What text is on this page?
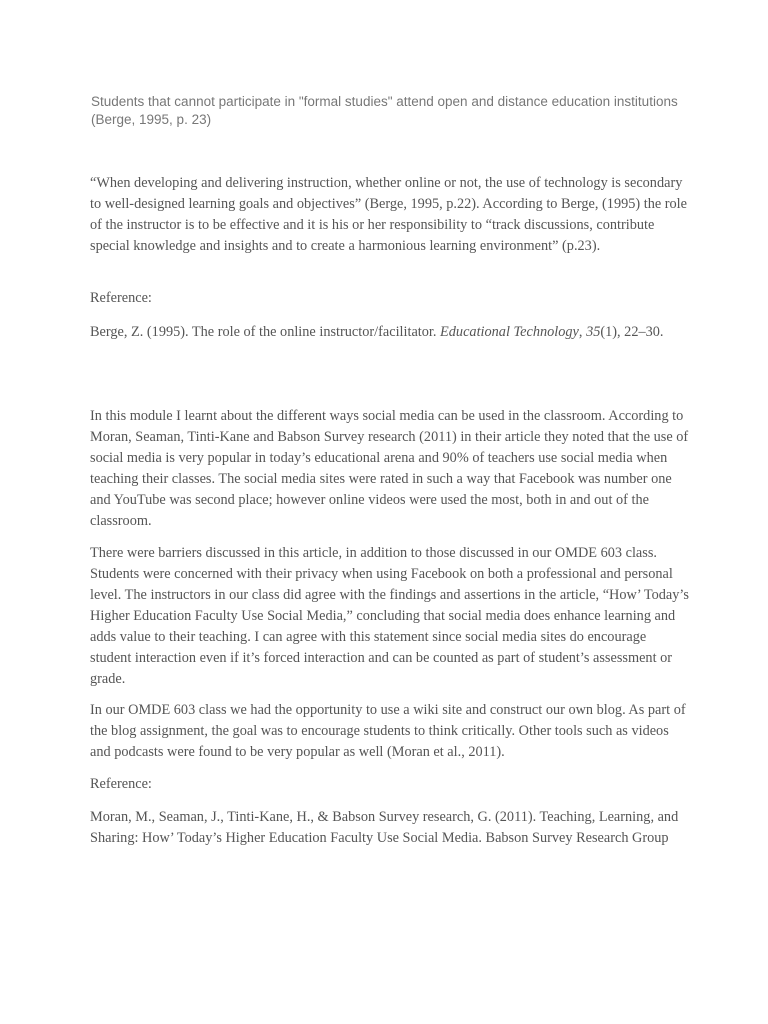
Students that cannot participate in "formal studies" attend open and distance education institutions (Berge, 1995, p. 23)

“When developing and delivering instruction, whether online or not, the use of technology is secondary to well-designed learning goals and objectives” (Berge, 1995, p.22). According to Berge, (1995) the role of the instructor is to be effective and it is his or her responsibility to “track discussions, contribute special knowledge and insights and to create a harmonious learning environment” (p.23).

Reference:

Berge, Z. (1995). The role of the online instructor/facilitator. Educational Technology, 35(1), 22–30.

In this module I learnt about the different ways social media can be used in the classroom. According to Moran, Seaman, Tinti-Kane and Babson Survey research (2011) in their article they noted that the use of social media is very popular in today’s educational arena and 90% of teachers use social media when teaching their classes. The social media sites were rated in such a way that Facebook was number one and YouTube was second place; however online videos were used the most, both in and out of the classroom.

There were barriers discussed in this article, in addition to those discussed in our OMDE 603 class. Students were concerned with their privacy when using Facebook on both a professional and personal level. The instructors in our class did agree with the findings and assertions in the article, “How’ Today’s Higher Education Faculty Use Social Media,” concluding that social media does enhance learning and adds value to their teaching. I can agree with this statement since social media sites do encourage student interaction even if it’s forced interaction and can be counted as part of student’s assessment or grade.

In our OMDE 603 class we had the opportunity to use a wiki site and construct our own blog. As part of the blog assignment, the goal was to encourage students to think critically. Other tools such as videos and podcasts were found to be very popular as well (Moran et al., 2011).

Reference:

Moran, M., Seaman, J., Tinti-Kane, H., & Babson Survey research, G. (2011). Teaching, Learning, and Sharing: How’ Today’s Higher Education Faculty Use Social Media. Babson Survey Research Group
